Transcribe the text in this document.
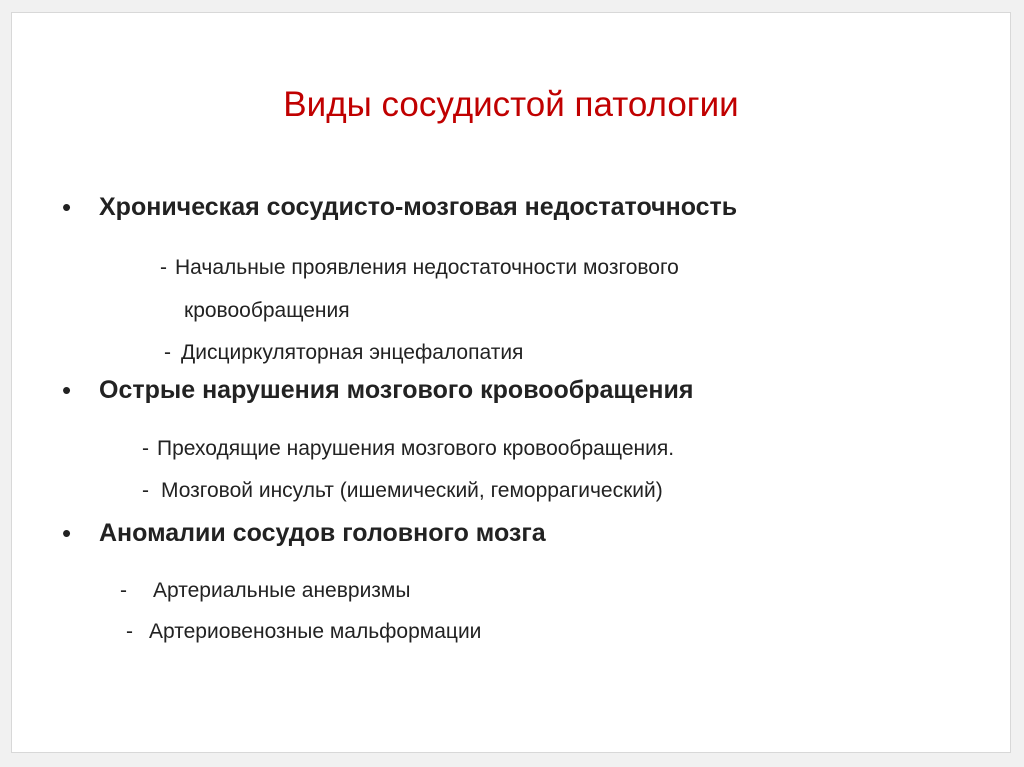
Виды сосудистой патологии
• Хроническая сосудисто-мозговая недостаточность
- Начальные проявления недостаточности мозгового
кровообращения
- Дисциркуляторная энцефалопатия
• Острые нарушения мозгового кровообращения
- Преходящие нарушения мозгового кровообращения.
- Мозговой инсульт (ишемический, геморрагический)
• Аномалии сосудов головного мозга
- Артериальные аневризмы
- Артериовенозные мальформации
